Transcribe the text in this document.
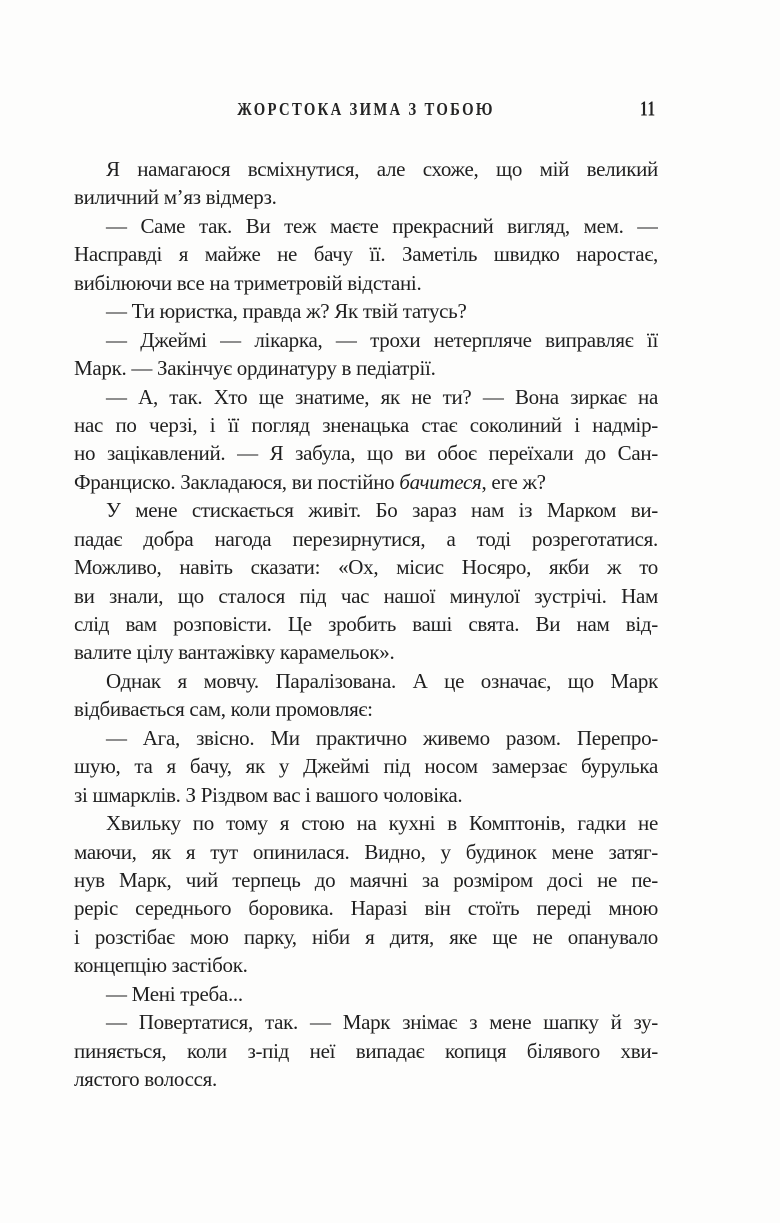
ЖОРСТОКА ЗИМА З ТОБОЮ	11
Я намагаюся всміхнутися, але схоже, що мій великий
виличний м’яз відмерз.
— Саме так. Ви теж маєте прекрасний вигляд, мем. —
Насправді я майже не бачу її. Заметіль швидко наростає,
вибілюючи все на триметровій відстані.
— Ти юристка, правда ж? Як твій татусь?
— Джеймі — лікарка, — трохи нетерпляче виправляє її
Марк. — Закінчує ординатуру в педіатрії.
— А, так. Хто ще знатиме, як не ти? — Вона зиркає на
нас по черзі, і її погляд зненацька стає соколиний і надмір-
но зацікавлений. — Я забула, що ви обоє переїхали до Сан-
Франциско. Закладаюся, ви постійно бачитеся, еге ж?
У мене стискається живіт. Бо зараз нам із Марком ви-
падає добра нагода перезирнутися, а тоді розреготатися.
Можливо, навіть сказати: «Ох, місис Носяро, якби ж то
ви знали, що сталося під час нашої минулої зустрічі. Нам
слід вам розповісти. Це зробить ваші свята. Ви нам від-
валите цілу вантажівку карамельок».
Однак я мовчу. Паралізована. А це означає, що Марк
відбивається сам, коли промовляє:
— Ага, звісно. Ми практично живемо разом. Перепро-
шую, та я бачу, як у Джеймі під носом замерзає бурулька
зі шмарклів. З Різдвом вас і вашого чоловіка.
Хвильку по тому я стою на кухні в Комптонів, гадки не
маючи, як я тут опинилася. Видно, у будинок мене затяг-
нув Марк, чий терпець до маячні за розміром досі не пе-
реріс середнього боровика. Наразі він стоїть переді мною
і розстібає мою парку, ніби я дитя, яке ще не опанувало
концепцію застібок.
— Мені треба...
— Повертатися, так. — Марк знімає з мене шапку й зу-
пиняється, коли з-під неї випадає копиця білявого хви-
лястого волосся.
